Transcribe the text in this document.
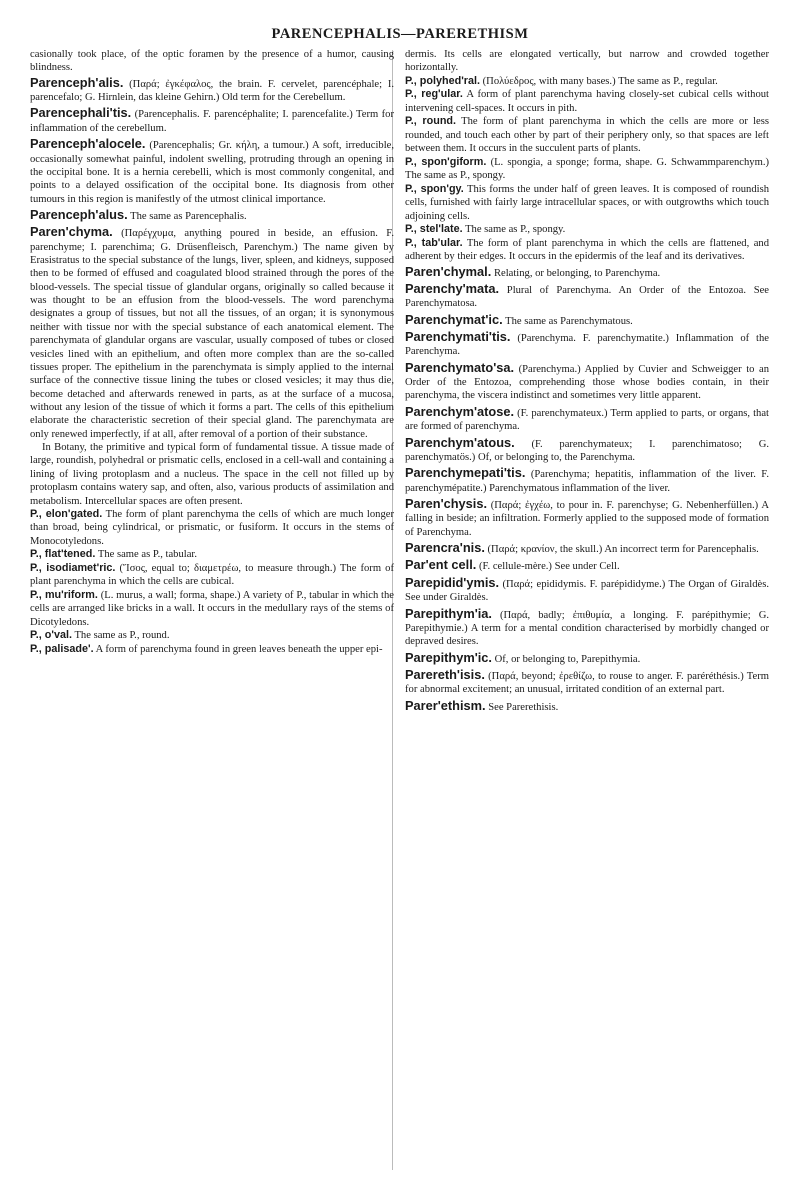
PARENCEPHALIS—PARERETHISM

casionally took place, of the optic foramen by the presence of a humor, causing blindness.

Parenceph'alis. (Παρά; ἐγκέφαλος, the brain. F. cervelet, parencéphale; I. parencefalo; G. Hirnlein, das kleine Gehirn.) Old term for the Cerebellum.

Parencephali'tis. (Parencephalis. F. parencéphalite; I. parencefalite.) Term for inflammation of the cerebellum.

Parenceph'alocele. (Parencephalis; Gr. κήλη, a tumour.) A soft, irreducible, occasionally somewhat painful, indolent swelling, protruding through an opening in the occipital bone. It is a hernia cerebelli, which is most commonly congenital, and points to a delayed ossification of the occipital bone. Its diagnosis from other tumours in this region is manifestly of the utmost clinical importance.

Parenceph'alus. The same as Parencephalis.

Paren'chyma. (Παρέγχυμα, anything poured in beside, an effusion. F. parenchyme; I. parenchima; G. Drüsenfleisch, Parenchym.) The name given by Erasistratus to the special substance of the lungs, liver, spleen, and kidneys, supposed then to be formed of effused and coagulated blood strained through the pores of the blood-vessels. The special tissue of glandular organs, originally so called because it was thought to be an effusion from the blood-vessels. The word parenchyma designates a group of tissues, but not all the tissues, of an organ; it is synonymous neither with tissue nor with the special substance of each anatomical element. The parenchymata of glandular organs are vascular, usually composed of tubes or closed vesicles lined with an epithelium, and often more complex than are the so-called tissues proper. The epithelium in the parenchymata is simply applied to the internal surface of the connective tissue lining the tubes or closed vesicles; it may thus die, become detached and afterwards renewed in parts, as at the surface of a mucosa, without any lesion of the tissue of which it forms a part. The cells of this epithelium elaborate the characteristic secretion of their special gland. The parenchymata are only renewed imperfectly, if at all, after removal of a portion of their substance.

In Botany, the primitive and typical form of fundamental tissue. A tissue made of large, roundish, polyhedral or prismatic cells, enclosed in a cell-wall and containing a lining of living protoplasm and a nucleus. The space in the cell not filled up by protoplasm contains watery sap, and often, also, various products of assimilation and metabolism. Intercellular spaces are often present.

P., elon'gated. The form of plant parenchyma the cells of which are much longer than broad, being cylindrical, or prismatic, or fusiform. It occurs in the stems of Monocotyledons.

P., flat'tened. The same as P., tabular.

P., isodiamet'ric. (Ἴσος, equal to; διαμετρέω, to measure through.) The form of plant parenchyma in which the cells are cubical.

P., mu'riform. (L. murus, a wall; forma, shape.) A variety of P., tabular in which the cells are arranged like bricks in a wall. It occurs in the medullary rays of the stems of Dicotyledons.

P., o'val. The same as P., round.

P., palisade'. A form of parenchyma found in green leaves beneath the upper epi-

dermis. Its cells are elongated vertically, but narrow and crowded together horizontally.

P., polyhed'ral. (Πολύεδρος, with many bases.) The same as P., regular.

P., reg'ular. A form of plant parenchyma having closely-set cubical cells without intervening cell-spaces. It occurs in pith.

P., round. The form of plant parenchyma in which the cells are more or less rounded, and touch each other by part of their periphery only, so that spaces are left between them. It occurs in the succulent parts of plants.

P., spon'giform. (L. spongia, a sponge; forma, shape. G. Schwammparenchym.) The same as P., spongy.

P., spon'gy. This forms the under half of green leaves. It is composed of roundish cells, furnished with fairly large intracellular spaces, or with outgrowths which touch adjoining cells.

P., stel'late. The same as P., spongy.

P., tab'ular. The form of plant parenchyma in which the cells are flattened, and adherent by their edges. It occurs in the epidermis of the leaf and its derivatives.

Paren'chymal. Relating, or belonging, to Parenchyma.

Parenchy'mata. Plural of Parenchyma. An Order of the Entozoa. See Parenchymatosa.

Parenchymat'ic. The same as Parenchymatous.

Parenchymati'tis. (Parenchyma. F. parenchymatite.) Inflammation of the Parenchyma.

Parenchymato'sa. (Parenchyma.) Applied by Cuvier and Schweigger to an Order of the Entozoa, comprehending those whose bodies contain, in their parenchyma, the viscera indistinct and sometimes very little apparent.

Parenchym'atose. (F. parenchymateux.) Term applied to parts, or organs, that are formed of parenchyma.

Parenchym'atous. (F. parenchymateux; I. parenchimatoso; G. parenchymatös.) Of, or belonging to, the Parenchyma.

Parenchymepati'tis. (Parenchyma; hepatitis, inflammation of the liver. F. parenchymépatite.) Parenchymatous inflammation of the liver.

Paren'chysis. (Παρά; ἐγχέω, to pour in. F. parenchyse; G. Nebenherfüllen.) A falling in beside; an infiltration. Formerly applied to the supposed mode of formation of Parenchyma.

Parencra'nis. (Παρά; κρανίον, the skull.) An incorrect term for Parencephalis.

Par'ent cell. (F. cellule-mère.) See under Cell.

Parepidid'ymis. (Παρά; epididymis. F. parépididyme.) The Organ of Giraldès. See under Giraldès.

Parepithym'ia. (Παρά, badly; ἐπιθυμία, a longing. F. parépithymie; G. Parepithymie.) A term for a mental condition characterised by morbidly changed or depraved desires.

Parepithym'ic. Of, or belonging to, Parepithymia.

Parereth'isis. (Παρά, beyond; ἐρεθίζω, to rouse to anger. F. paréréthésis.) Term for abnormal excitement; an unusual, irritated condition of an external part.

Parer'ethism. See Parerethisis.
